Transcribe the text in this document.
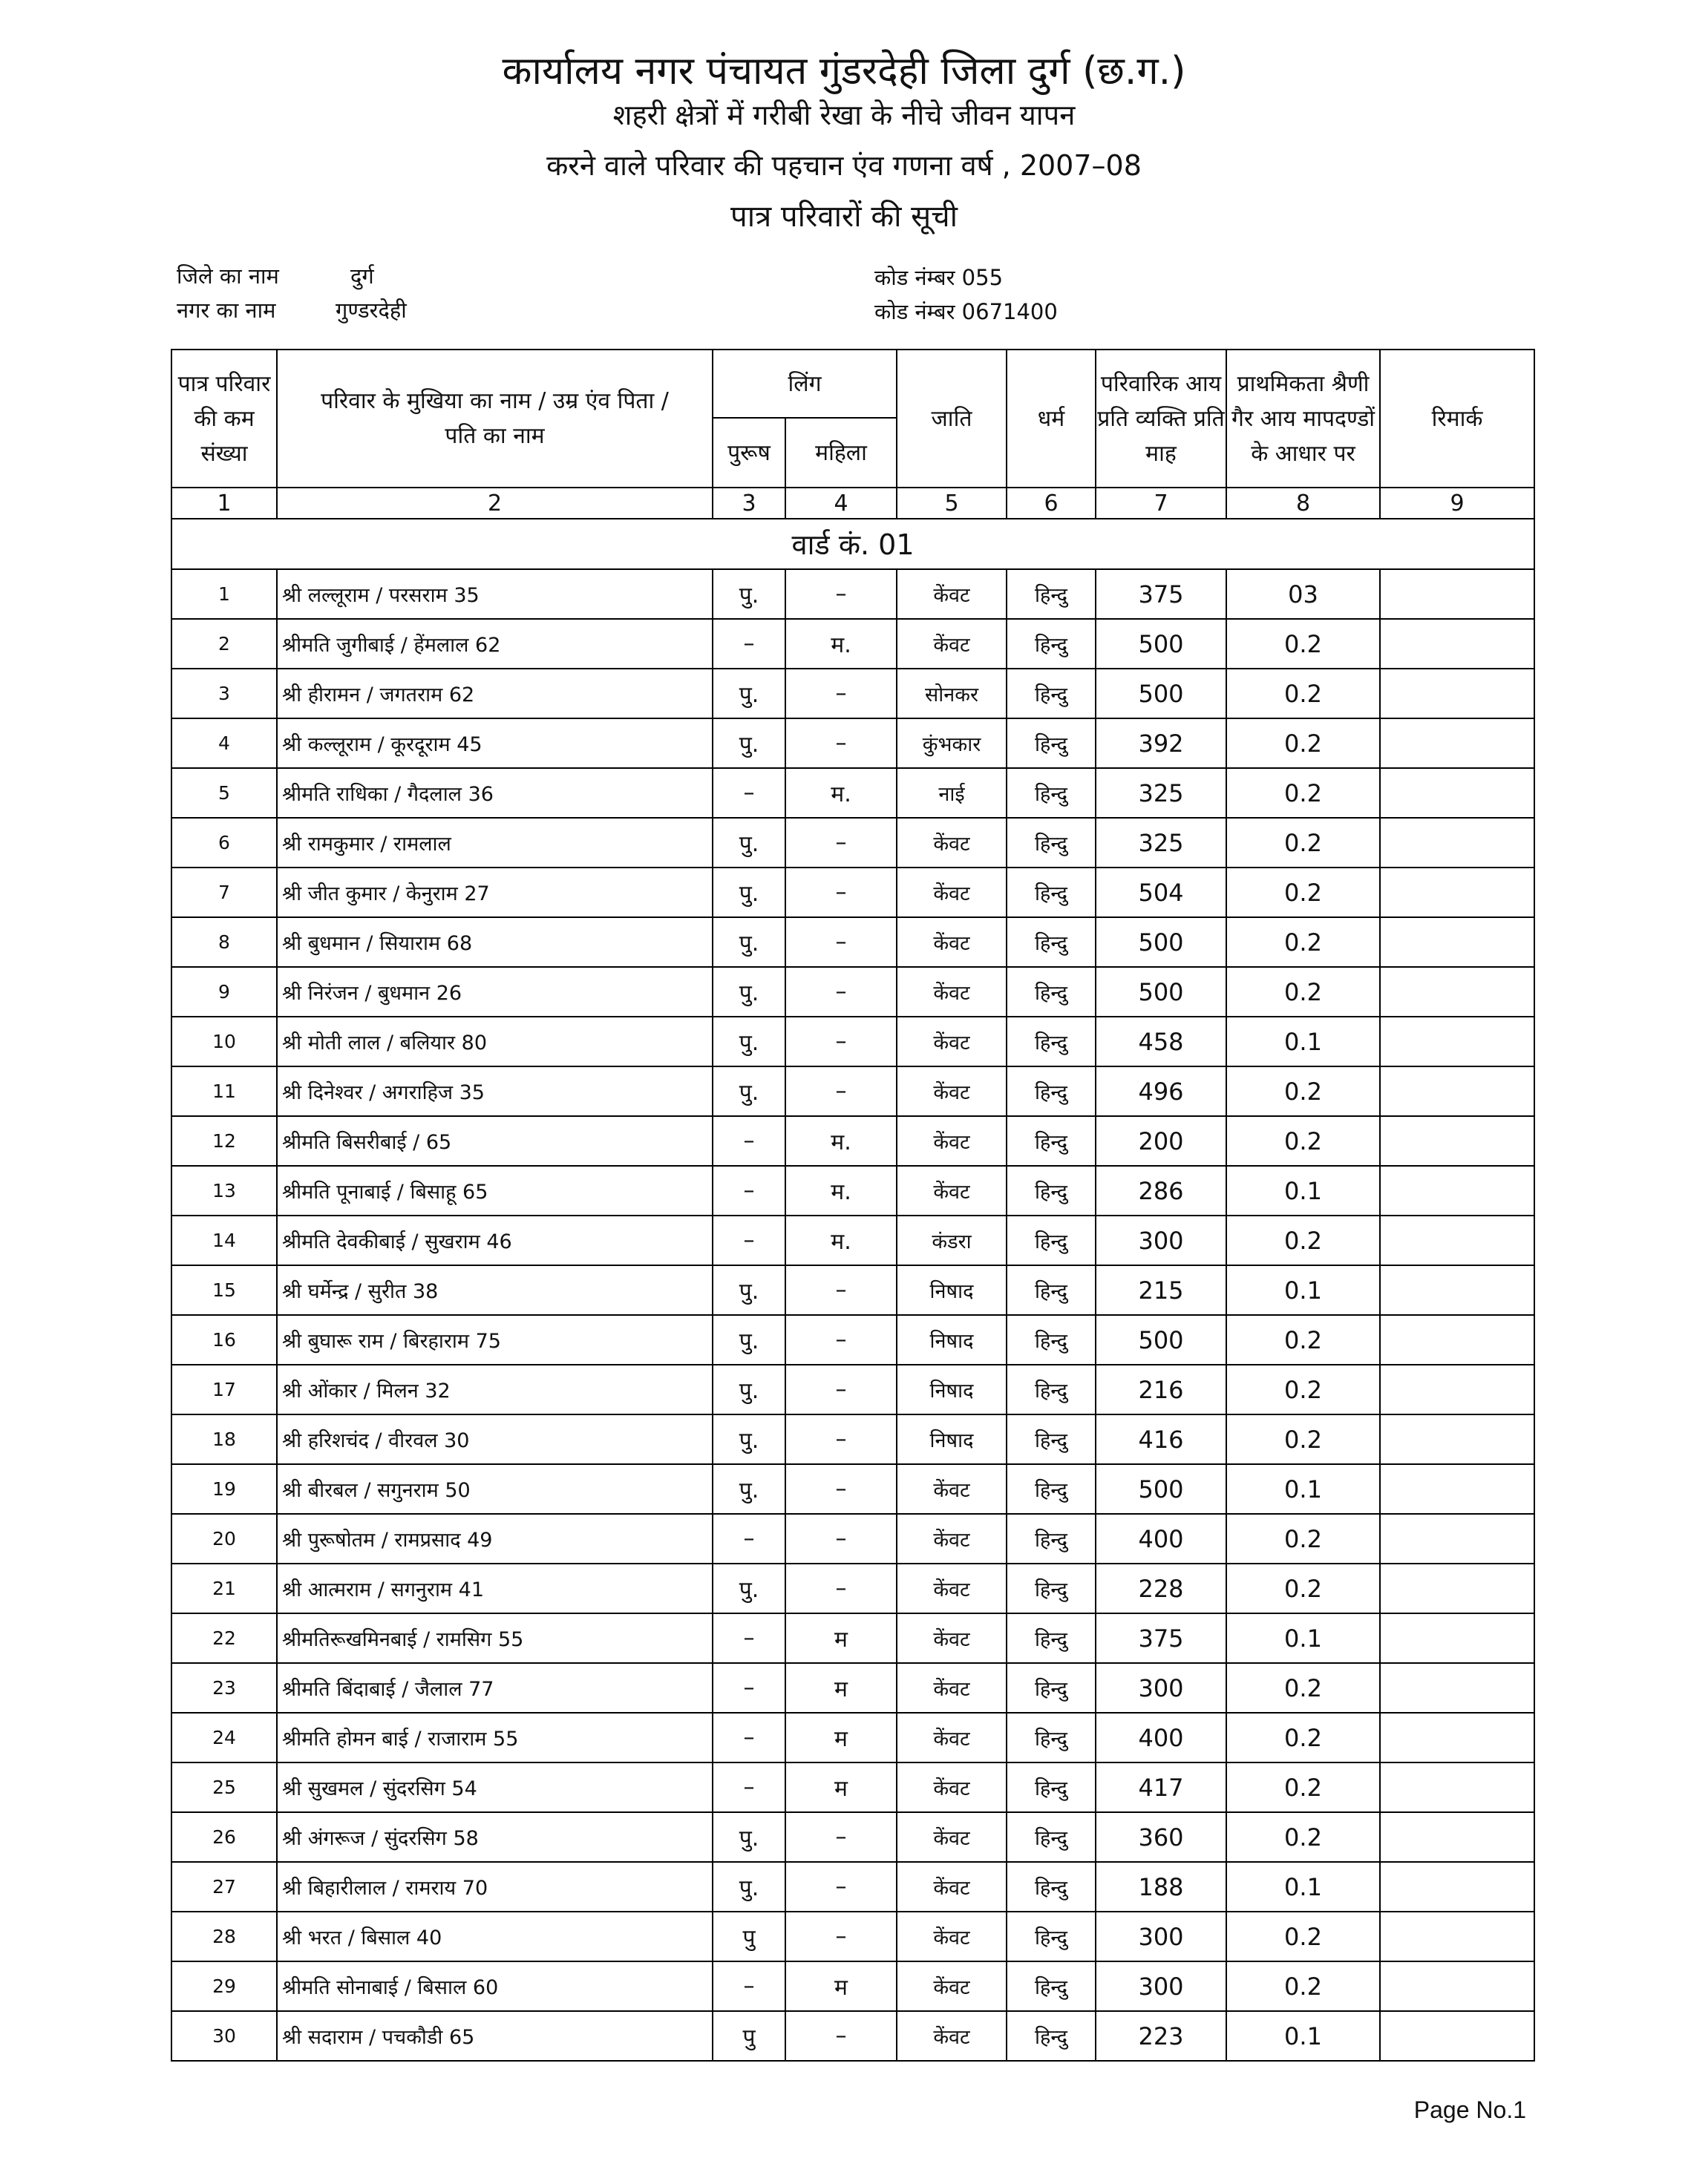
कार्यालय नगर पंचायत गुंडरदेही जिला दुर्ग (छ.ग.)
शहरी क्षेत्रों में गरीबी रेखा के नीचे जीवन यापन
करने वाले परिवार की पहचान एंव गणना वर्ष , 2007–08
पात्र परिवारों की सूची
जिले का नाम	दुर्ग
नगर का नाम	गुण्डरदेही
कोड नंम्बर 055
कोड नंम्बर 0671400
पात्र परिवार की कम संख्या	परिवार के मुखिया का नाम / उम्र एंव पिता / पति का नाम	लिंग		जाति	धर्म	परिवारिक आय प्रति व्यक्ति प्रति माह	प्राथमिकता श्रैणी गैर आय मापदण्डों के आधार पर	रिमार्क
		पुरूष	महिला					
1	2	3	4	5	6	7	8	9
वार्ड कं. 01								
1	श्री लल्लूराम / परसराम 35	पु.	–	केंवट	हिन्दु	375	03	
2	श्रीमति जुगीबाई / हेंमलाल 62	–	म.	केंवट	हिन्दु	500	0.2	
3	श्री हीरामन / जगतराम 62	पु.	–	सोनकर	हिन्दु	500	0.2	
4	श्री कल्लूराम / कूरदूराम 45	पु.	–	कुंभकार	हिन्दु	392	0.2	
5	श्रीमति राधिका / गैदलाल 36	–	म.	नाई	हिन्दु	325	0.2	
6	श्री रामकुमार / रामलाल	पु.	–	केंवट	हिन्दु	325	0.2	
7	श्री जीत कुमार / केनुराम 27	पु.	–	केंवट	हिन्दु	504	0.2	
8	श्री बुधमान / सियाराम 68	पु.	–	केंवट	हिन्दु	500	0.2	
9	श्री निरंजन / बुधमान 26	पु.	–	केंवट	हिन्दु	500	0.2	
10	श्री मोती लाल / बलियार 80	पु.	–	केंवट	हिन्दु	458	0.1	
11	श्री दिनेश्वर / अगराहिज 35	पु.	–	केंवट	हिन्दु	496	0.2	
12	श्रीमति बिसरीबाई / 65	–	म.	केंवट	हिन्दु	200	0.2	
13	श्रीमति पूनाबाई / बिसाहू 65	–	म.	केंवट	हिन्दु	286	0.1	
14	श्रीमति देवकीबाई / सुखराम 46	–	म.	कंडरा	हिन्दु	300	0.2	
15	श्री घर्मेन्द्र / सुरीत 38	पु.	–	निषाद	हिन्दु	215	0.1	
16	श्री बुघारू राम / बिरहाराम 75	पु.	–	निषाद	हिन्दु	500	0.2	
17	श्री ओंकार / मिलन 32	पु.	–	निषाद	हिन्दु	216	0.2	
18	श्री हरिशचंद / वीरवल 30	पु.	–	निषाद	हिन्दु	416	0.2	
19	श्री बीरबल / सगुनराम 50	पु.	–	केंवट	हिन्दु	500	0.1	
20	श्री पुरूषोतम / रामप्रसाद 49	–	–	केंवट	हिन्दु	400	0.2	
21	श्री आत्मराम / सगनुराम 41	पु.	–	केंवट	हिन्दु	228	0.2	
22	श्रीमतिरूखमिनबाई / रामसिग 55	–	म	केंवट	हिन्दु	375	0.1	
23	श्रीमति बिंदाबाई / जैलाल 77	–	म	केंवट	हिन्दु	300	0.2	
24	श्रीमति होमन बाई / राजाराम 55	–	म	केंवट	हिन्दु	400	0.2	
25	श्री सुखमल / सुंदरसिग 54	–	म	केंवट	हिन्दु	417	0.2	
26	श्री अंगरूज / सुंदरसिग 58	पु.	–	केंवट	हिन्दु	360	0.2	
27	श्री बिहारीलाल / रामराय 70	पु.	–	केंवट	हिन्दु	188	0.1	
28	श्री भरत / बिसाल 40	पु	–	केंवट	हिन्दु	300	0.2	
29	श्रीमति सोनाबाई / बिसाल 60	–	म	केंवट	हिन्दु	300	0.2	
30	श्री सदाराम / पचकौडी 65	पु	–	केंवट	हिन्दु	223	0.1	
Page No.1
